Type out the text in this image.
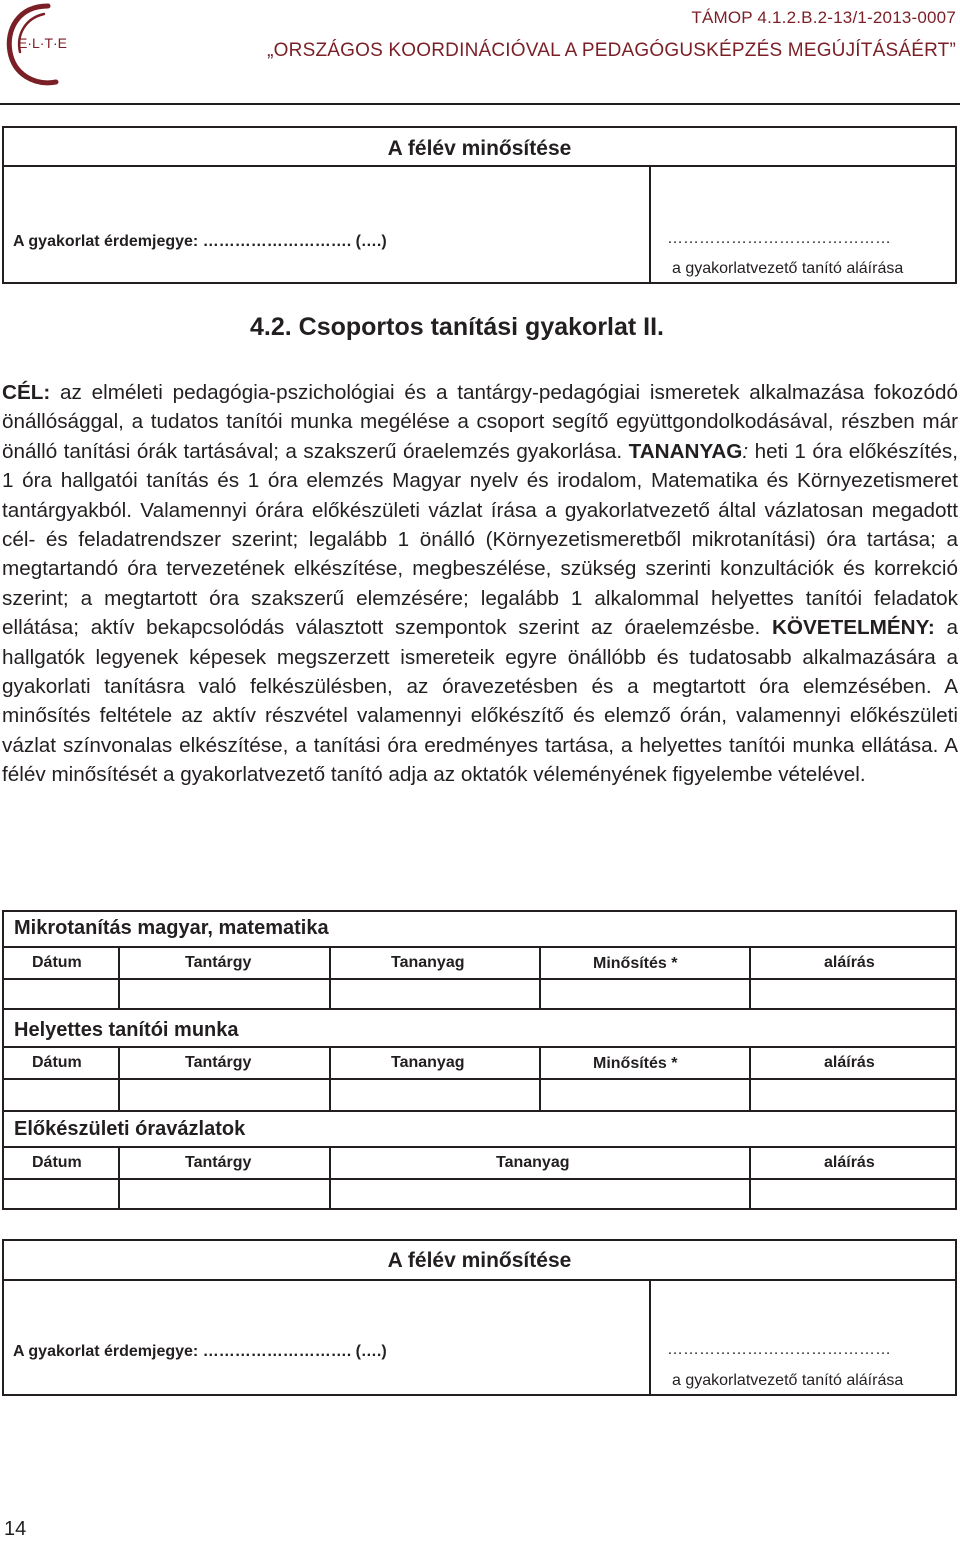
E·L·T·E
TÁMOP 4.1.2.B.2-13/1-2013-0007
„ORSZÁGOS KOORDINÁCIÓVAL A PEDAGÓGUSKÉPZÉS MEGÚJÍTÁSÁÉRT”
A félév minősítése
A gyakorlat érdemjegye: ………………………. (….)	……………………………………
a gyakorlatvezető tanító aláírása
4.2. Csoportos tanítási gyakorlat II.
CÉL: az elméleti pedagógia-pszichológiai és a tantárgy-pedagógiai ismeretek alkalmazása fokozódó önállósággal, a tudatos tanítói munka megélése a csoport segítő együttgondolkodásával, részben már önálló tanítási órák tartásával; a szakszerű óraelemzés gyakorlása. TANANYAG: heti 1 óra előkészítés, 1 óra hallgatói tanítás és 1 óra elemzés Magyar nyelv és irodalom, Matematika és Környezetismeret tantárgyakból. Valamennyi órára előkészületi vázlat írása a gyakorlatvezető által vázlatosan megadott cél- és feladatrendszer szerint; legalább 1 önálló (Környezetismeretből mikrotanítási) óra tartása; a megtartandó óra tervezetének elkészítése, megbeszélése, szükség szerinti konzultációk és korrekció szerint; a megtartott óra szakszerű elemzésére; legalább 1 alkalommal helyettes tanítói feladatok ellátása; aktív bekapcsolódás választott szempontok szerint az óraelemzésbe. KÖVETELMÉNY: a hallgatók legyenek képesek megszerzett ismereteik egyre önállóbb és tudatosabb alkalmazására a gyakorlati tanításra való felkészülésben, az óravezetésben és a megtartott óra elemzésében. A minősítés feltétele az aktív részvétel valamennyi előkészítő és elemző órán, valamennyi előkészületi vázlat színvonalas elkészítése, a tanítási óra eredményes tartása, a helyettes tanítói munka ellátása. A félév minősítését a gyakorlatvezető tanító adja az oktatók véleményének figyelembe vételével.
Mikrotanítás magyar, matematika
Dátum	Tantárgy	Tananyag	Minősítés *	aláírás
Helyettes tanítói munka
Dátum	Tantárgy	Tananyag	Minősítés *	aláírás
Előkészületi óravázlatok
Dátum	Tantárgy	Tananyag	aláírás
A félév minősítése
A gyakorlat érdemjegye: ………………………. (….)	……………………………………
a gyakorlatvezető tanító aláírása
14
